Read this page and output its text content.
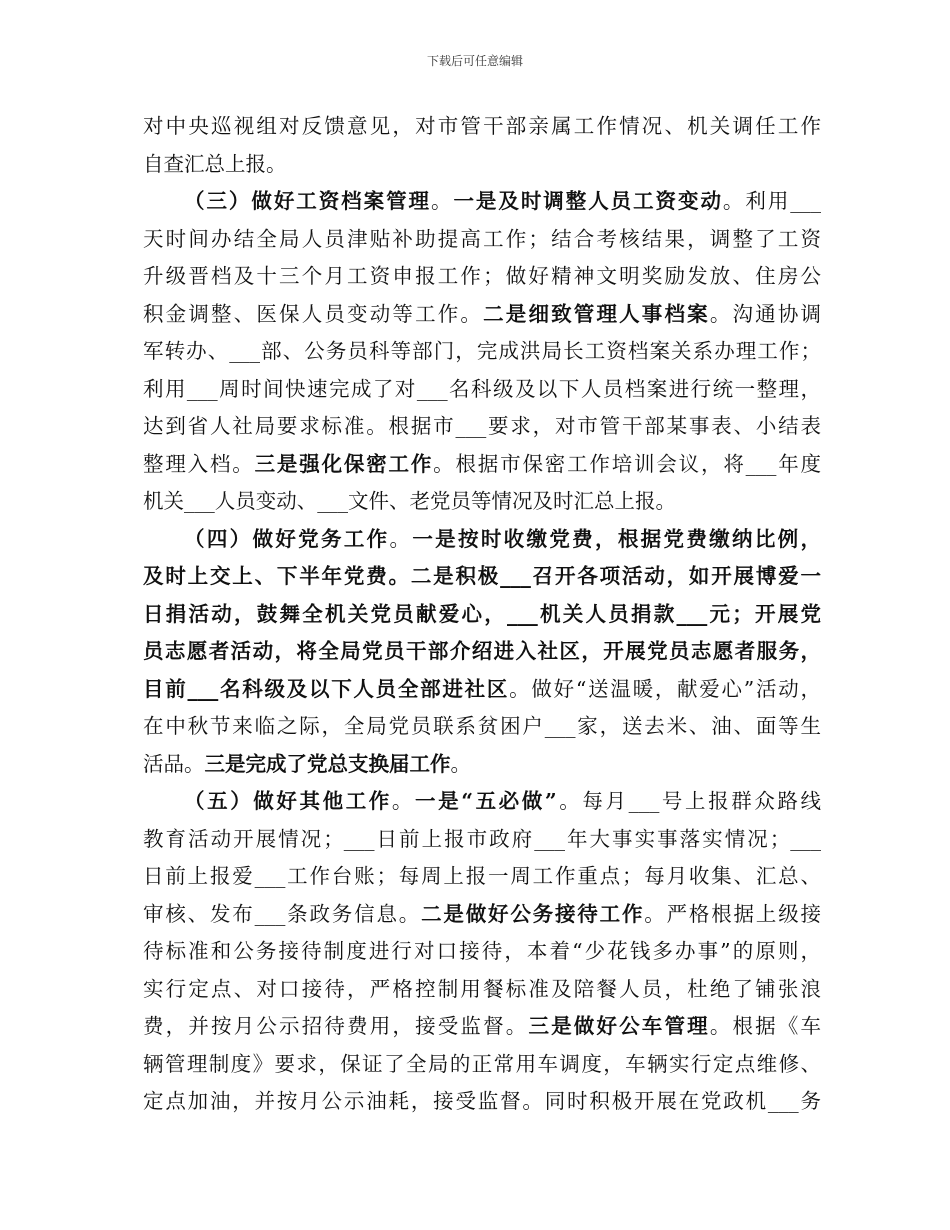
下载后可任意编辑
对中央巡视组对反馈意见，对市管干部亲属工作情况、机关调任工作
自查汇总上报。
（三）做好工资档案管理。一是及时调整人员工资变动。利用___
天时间办结全局人员津贴补助提高工作；结合考核结果，调整了工资
升级晋档及十三个月工资申报工作；做好精神文明奖励发放、住房公
积金调整、医保人员变动等工作。二是细致管理人事档案。沟通协调
军转办、___部、公务员科等部门，完成洪局长工资档案关系办理工作；
利用___周时间快速完成了对___名科级及以下人员档案进行统一整理，
达到省人社局要求标准。根据市___要求，对市管干部某事表、小结表
整理入档。三是强化保密工作。根据市保密工作培训会议，将___年度
机关___人员变动、___文件、老党员等情况及时汇总上报。
（四）做好党务工作。一是按时收缴党费，根据党费缴纳比例，
及时上交上、下半年党费。二是积极___召开各项活动，如开展博爱一
日捐活动，鼓舞全机关党员献爱心，___机关人员捐款___元；开展党
员志愿者活动，将全局党员干部介绍进入社区，开展党员志愿者服务，
目前___名科级及以下人员全部进社区。做好“送温暖，献爱心”活动，
在中秋节来临之际，全局党员联系贫困户___家，送去米、油、面等生
活品。三是完成了党总支换届工作。
（五）做好其他工作。一是“五必做”。每月___号上报群众路线
教育活动开展情况；___日前上报市政府___年大事实事落实情况；___
日前上报爱___工作台账；每周上报一周工作重点；每月收集、汇总、
审核、发布___条政务信息。二是做好公务接待工作。严格根据上级接
待标准和公务接待制度进行对口接待，本着“少花钱多办事”的原则，
实行定点、对口接待，严格控制用餐标准及陪餐人员，杜绝了铺张浪
费，并按月公示招待费用，接受监督。三是做好公车管理。根据《车
辆管理制度》要求，保证了全局的正常用车调度，车辆实行定点维修、
定点加油，并按月公示油耗，接受监督。同时积极开展在党政机___务
